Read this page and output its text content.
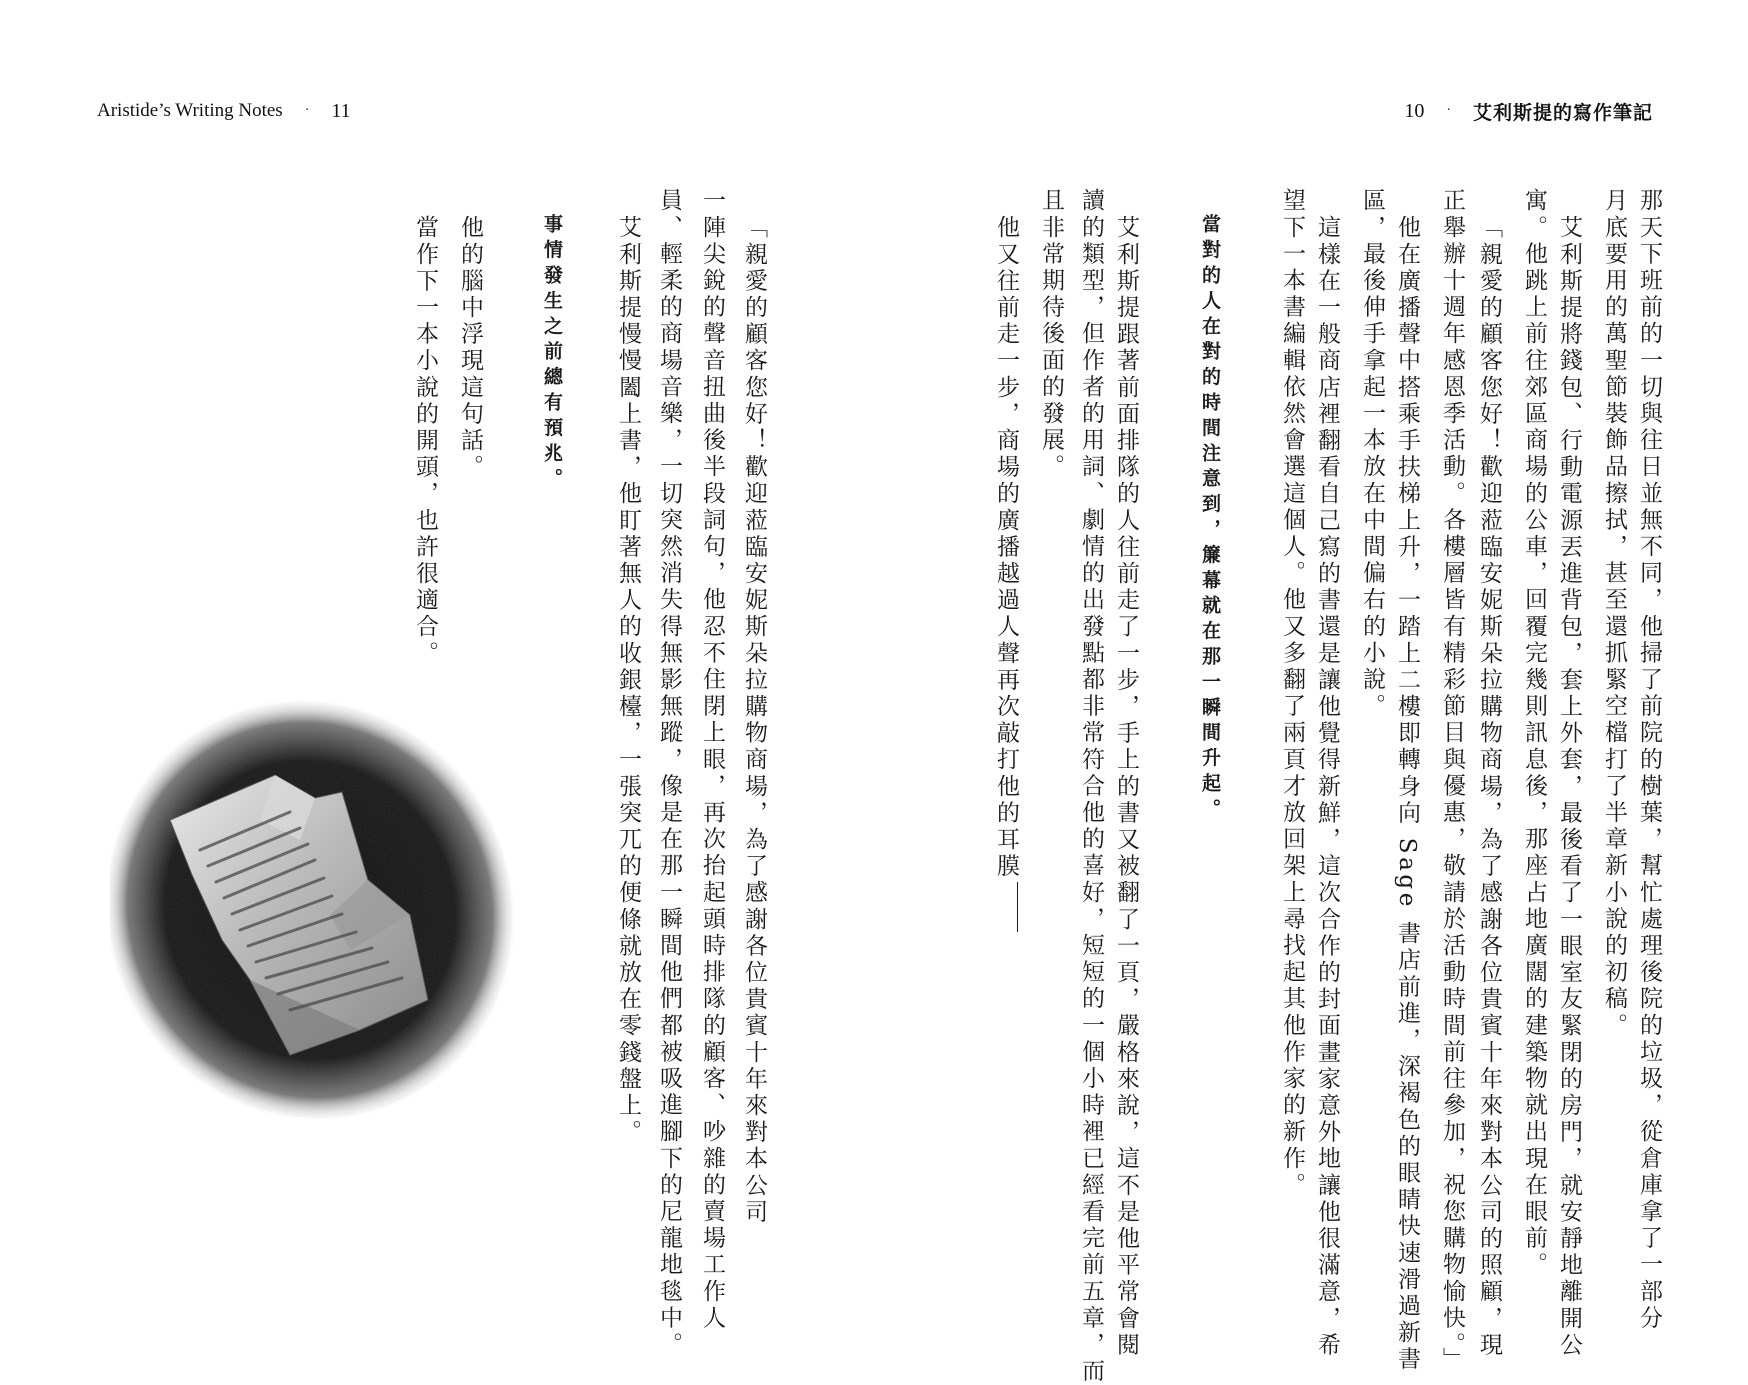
Aristide’s Writing Notes · 11	10 · 艾利斯提的寫作筆記
那天下班前的一切與往日並無不同，他掃了前院的樹葉，幫忙處理後院的垃圾，從倉庫拿了一部分
月底要用的萬聖節裝飾品擦拭，甚至還抓緊空檔打了半章新小說的初稿。
艾利斯提將錢包、行動電源丟進背包，套上外套，最後看了一眼室友緊閉的房門，就安靜地離開公
寓。他跳上前往郊區商場的公車，回覆完幾則訊息後，那座占地廣闊的建築物就出現在眼前。
「親愛的顧客您好！歡迎蒞臨安妮斯朵拉購物商場，為了感謝各位貴賓十年來對本公司的照顧，現
正舉辦十週年感恩季活動。各樓層皆有精彩節目與優惠，敬請於活動時間前往參加，祝您購物愉快。」
他在廣播聲中搭乘手扶梯上升，一踏上二樓即轉身向 Sage 書店前進，深褐色的眼睛快速滑過新書
區，最後伸手拿起一本放在中間偏右的小說。
這樣在一般商店裡翻看自己寫的書還是讓他覺得新鮮，這次合作的封面畫家意外地讓他很滿意，希
望下一本書編輯依然會選這個人。他又多翻了兩頁才放回架上尋找起其他作家的新作。
當對的人在對的時間注意到，簾幕就在那一瞬間升起。
艾利斯提跟著前面排隊的人往前走了一步，手上的書又被翻了一頁，嚴格來說，這不是他平常會閱
讀的類型，但作者的用詞、劇情的出發點都非常符合他的喜好，短短的一個小時裡已經看完前五章，而
且非常期待後面的發展。
他又往前走一步，商場的廣播越過人聲再次敲打他的耳膜
「親愛的顧客您好！歡迎蒞臨安妮斯朵拉購物商場，為了感謝各位貴賓十年來對本公司
一陣尖銳的聲音扭曲後半段詞句，他忍不住閉上眼，再次抬起頭時排隊的顧客、吵雜的賣場工作人
員、輕柔的商場音樂，一切突然消失得無影無蹤，像是在那一瞬間他們都被吸進腳下的尼龍地毯中。
艾利斯提慢慢闔上書，他盯著無人的收銀檯，一張突兀的便條就放在零錢盤上。
事情發生之前總有預兆。
他的腦中浮現這句話。
當作下一本小說的開頭，也許很適合。
